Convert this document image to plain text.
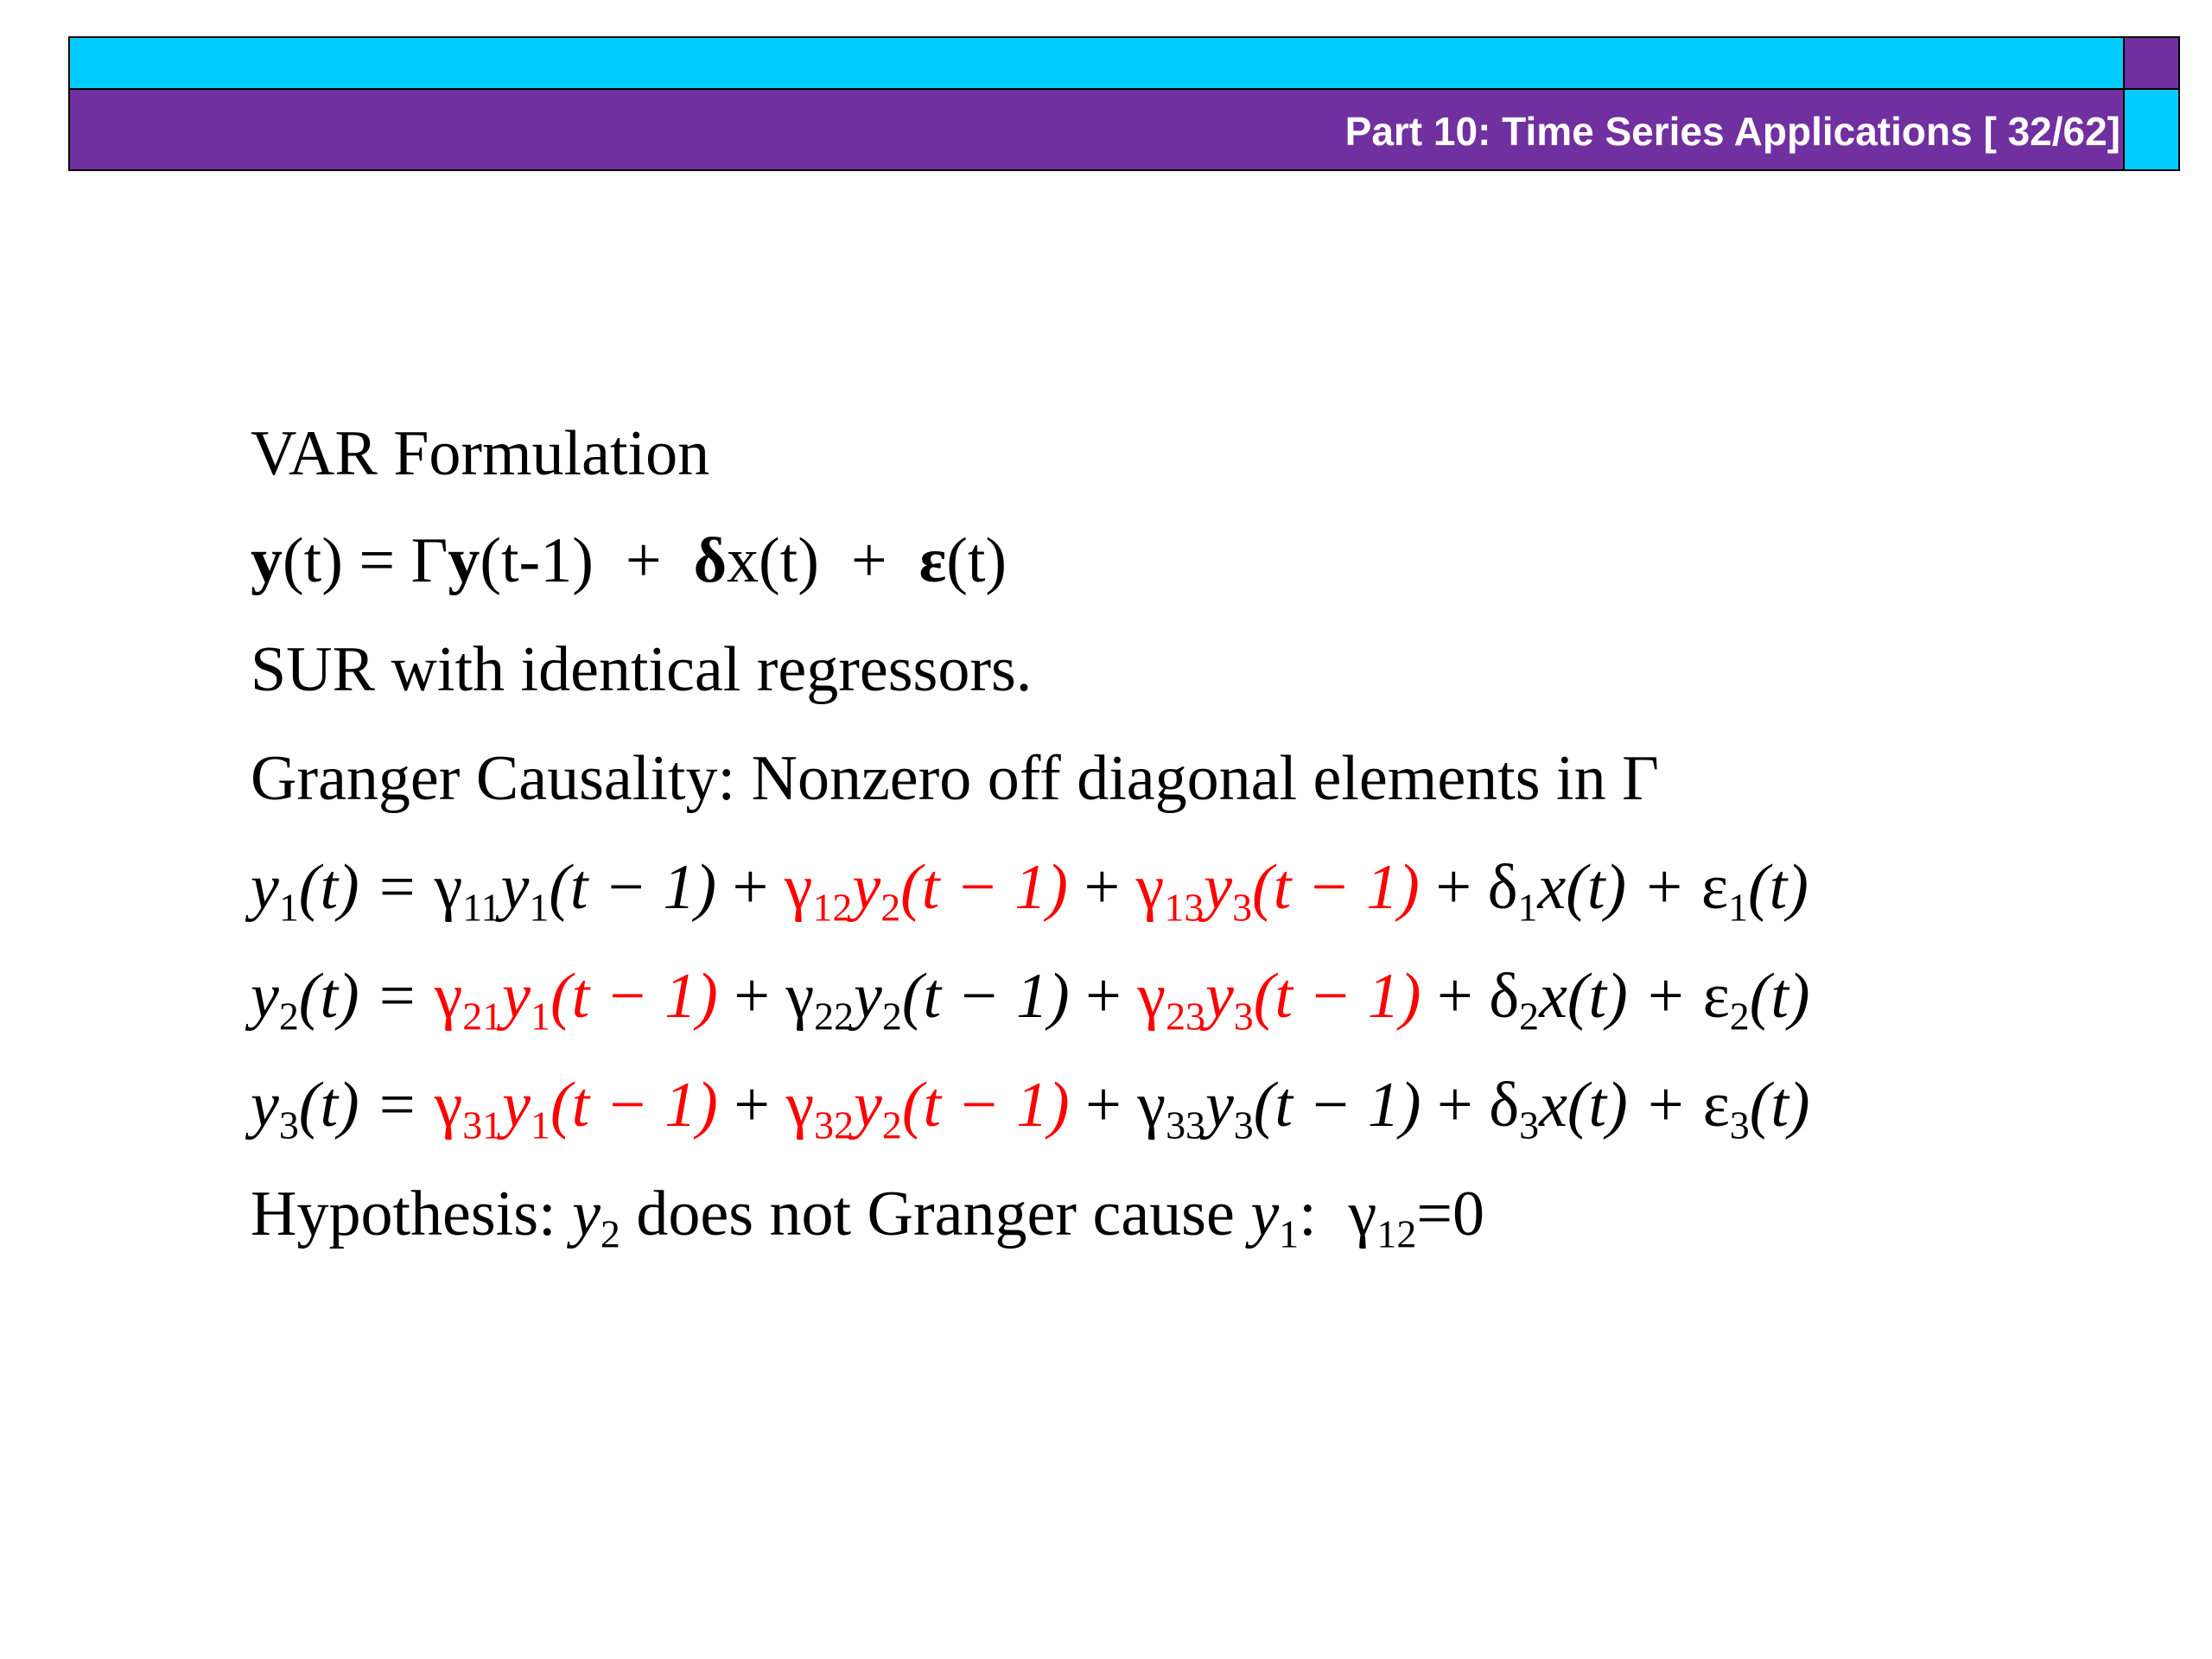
Part 10: Time Series Applications [ 32/62]
VAR Formulation
y(t) = Γy(t-1)  +  δx(t)  +  ε(t)
SUR with identical regressors.
Granger Causality: Nonzero off diagonal elements in Γ
$y_1(t) = \gamma_{11}y_1(t - 1) + \gamma_{12}y_2(t - 1) + \gamma_{13}y_3(t - 1) + \delta_1x(t) + \varepsilon_1(t)$
$y_2(t) = \gamma_{21}y_1(t - 1) + \gamma_{22}y_2(t - 1) + \gamma_{23}y_3(t - 1) + \delta_2x(t) + \varepsilon_2(t)$
$y_3(t) = \gamma_{31}y_1(t - 1) + \gamma_{32}y_2(t - 1) + \gamma_{33}y_3(t - 1) + \delta_3x(t) + \varepsilon_3(t)$
Hypothesis: $y_2$ does not Granger cause $y_1$:  $\gamma_{12}=0$
